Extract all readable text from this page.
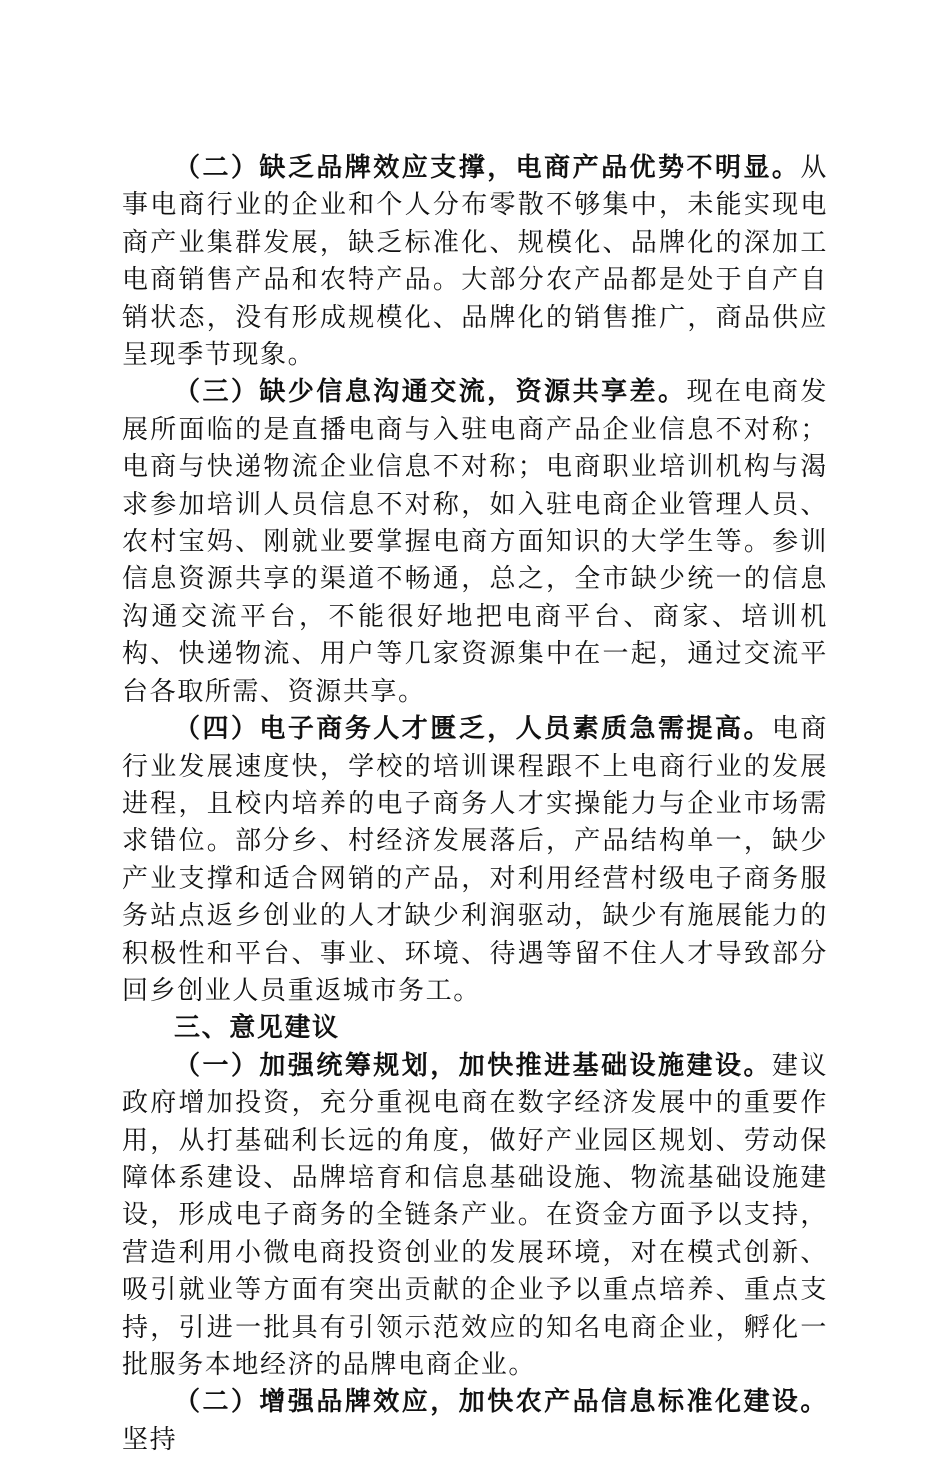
（二）缺乏品牌效应支撑，电商产品优势不明显。从事电商行业的企业和个人分布零散不够集中，未能实现电商产业集群发展，缺乏标准化、规模化、品牌化的深加工电商销售产品和农特产品。大部分农产品都是处于自产自销状态，没有形成规模化、品牌化的销售推广，商品供应呈现季节现象。

（三）缺少信息沟通交流，资源共享差。现在电商发展所面临的是直播电商与入驻电商产品企业信息不对称；电商与快递物流企业信息不对称；电商职业培训机构与渴求参加培训人员信息不对称，如入驻电商企业管理人员、农村宝妈、刚就业要掌握电商方面知识的大学生等。参训信息资源共享的渠道不畅通，总之，全市缺少统一的信息沟通交流平台，不能很好地把电商平台、商家、培训机构、快递物流、用户等几家资源集中在一起，通过交流平台各取所需、资源共享。

（四）电子商务人才匮乏，人员素质急需提高。电商行业发展速度快，学校的培训课程跟不上电商行业的发展进程，且校内培养的电子商务人才实操能力与企业市场需求错位。部分乡、村经济发展落后，产品结构单一，缺少产业支撑和适合网销的产品，对利用经营村级电子商务服务站点返乡创业的人才缺少利润驱动，缺少有施展能力的积极性和平台、事业、环境、待遇等留不住人才导致部分回乡创业人员重返城市务工。

三、意见建议

（一）加强统筹规划，加快推进基础设施建设。建议政府增加投资，充分重视电商在数字经济发展中的重要作用，从打基础利长远的角度，做好产业园区规划、劳动保障体系建设、品牌培育和信息基础设施、物流基础设施建设，形成电子商务的全链条产业。在资金方面予以支持，营造利用小微电商投资创业的发展环境，对在模式创新、吸引就业等方面有突出贡献的企业予以重点培养、重点支持，引进一批具有引领示范效应的知名电商企业，孵化一批服务本地经济的品牌电商企业。

（二）增强品牌效应，加快农产品信息标准化建设。坚持
